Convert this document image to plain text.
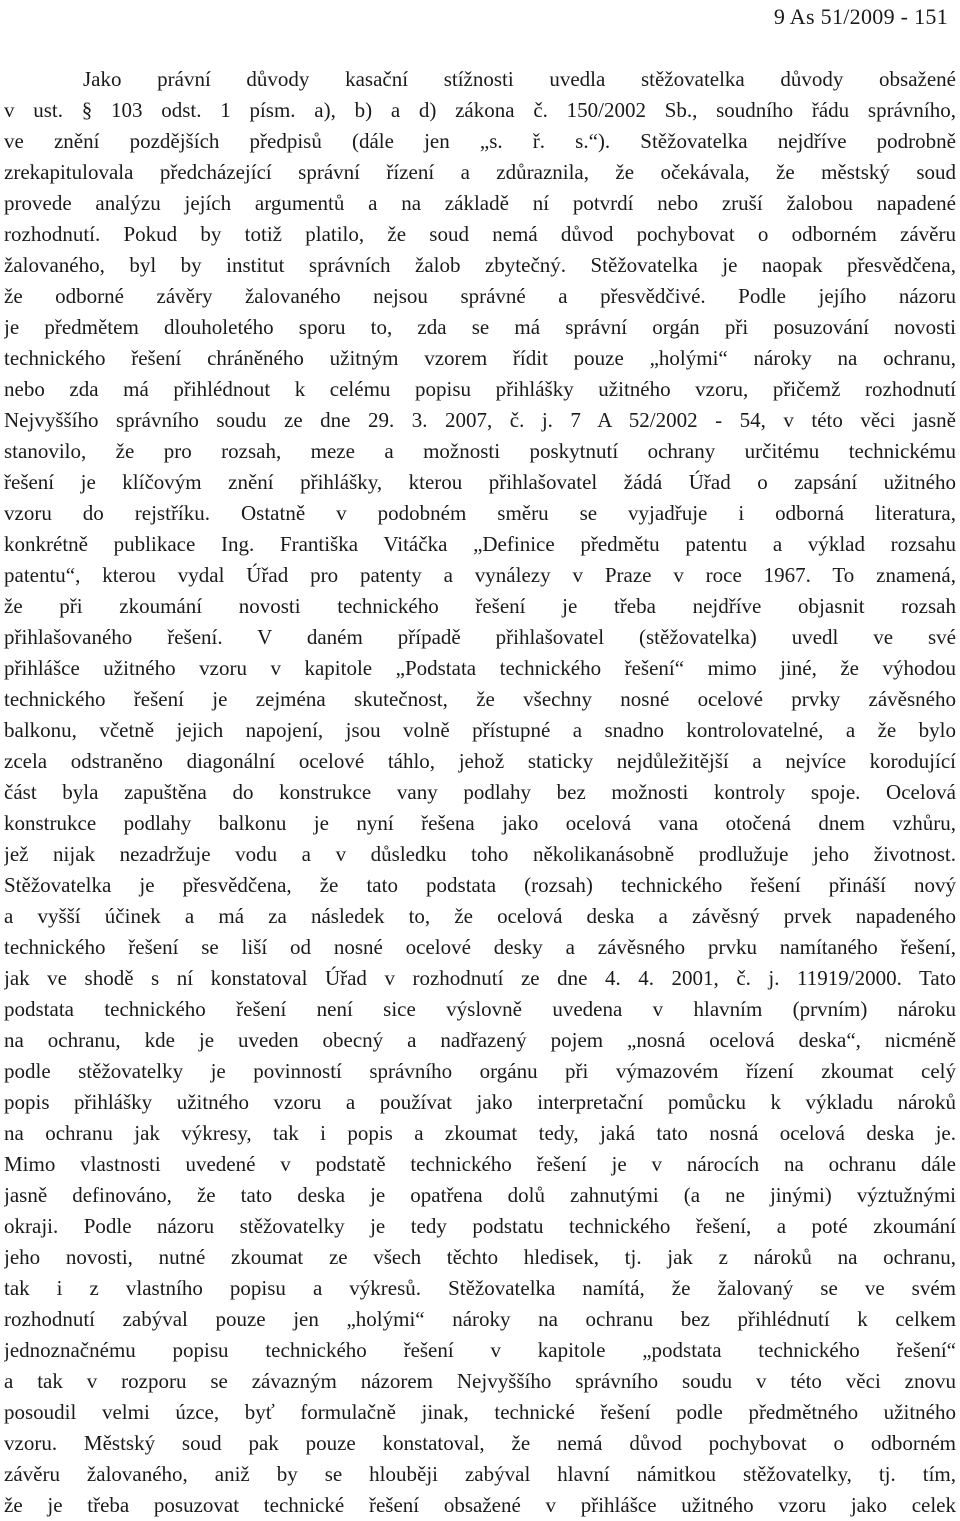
9 As 51/2009 - 151
Jako právní důvody kasační stížnosti uvedla stěžovatelka důvody obsažené
v ust. § 103 odst. 1 písm. a), b) a d) zákona č. 150/2002 Sb., soudního řádu správního,
ve znění pozdějších předpisů (dále jen „s. ř. s.“). Stěžovatelka nejdříve podrobně
zrekapitulovala předcházející správní řízení a zdůraznila, že očekávala, že městský soud
provede analýzu jejích argumentů a na základě ní potvrdí nebo zruší žalobou napadené
rozhodnutí. Pokud by totiž platilo, že soud nemá důvod pochybovat o odborném závěru
žalovaného, byl by institut správních žalob zbytečný. Stěžovatelka je naopak přesvědčena,
že odborné závěry žalovaného nejsou správné a přesvědčivé. Podle jejího názoru
je předmětem dlouholetého sporu to, zda se má správní orgán při posuzování novosti
technického řešení chráněného užitným vzorem řídit pouze „holými“ nároky na ochranu,
nebo zda má přihlédnout k celému popisu přihlášky užitného vzoru, přičemž rozhodnutí
Nejvyššího správního soudu ze dne 29. 3. 2007, č. j. 7 A 52/2002 - 54, v této věci jasně
stanovilo, že pro rozsah, meze a možnosti poskytnutí ochrany určitému technickému
řešení je klíčovým znění přihlášky, kterou přihlašovatel žádá Úřad o zapsání užitného
vzoru do rejstříku. Ostatně v podobném směru se vyjadřuje i odborná literatura,
konkrétně publikace Ing. Františka Vitáčka „Definice předmětu patentu a výklad rozsahu
patentu“, kterou vydal Úřad pro patenty a vynálezy v Praze v roce 1967. To znamená,
že při zkoumání novosti technického řešení je třeba nejdříve objasnit rozsah
přihlašovaného řešení. V daném případě přihlašovatel (stěžovatelka) uvedl ve své
přihlášce užitného vzoru v kapitole „Podstata technického řešení“ mimo jiné, že výhodou
technického řešení je zejména skutečnost, že všechny nosné ocelové prvky závěsného
balkonu, včetně jejich napojení, jsou volně přístupné a snadno kontrolovatelné, a že bylo
zcela odstraněno diagonální ocelové táhlo, jehož staticky nejdůležitější a nejvíce korodující
část byla zapuštěna do konstrukce vany podlahy bez možnosti kontroly spoje. Ocelová
konstrukce podlahy balkonu je nyní řešena jako ocelová vana otočená dnem vzhůru,
jež nijak nezadržuje vodu a v důsledku toho několikanásobně prodlužuje jeho životnost.
Stěžovatelka je přesvědčena, že tato podstata (rozsah) technického řešení přináší nový
a vyšší účinek a má za následek to, že ocelová deska a závěsný prvek napadeného
technického řešení se liší od nosné ocelové desky a závěsného prvku namítaného řešení,
jak ve shodě s ní konstatoval Úřad v rozhodnutí ze dne 4. 4. 2001, č. j. 11919/2000. Tato
podstata technického řešení není sice výslovně uvedena v hlavním (prvním) nároku
na ochranu, kde je uveden obecný a nadřazený pojem „nosná ocelová deska“, nicméně
podle stěžovatelky je povinností správního orgánu při výmazovém řízení zkoumat celý
popis přihlášky užitného vzoru a používat jako interpretační pomůcku k výkladu nároků
na ochranu jak výkresy, tak i popis a zkoumat tedy, jaká tato nosná ocelová deska je.
Mimo vlastnosti uvedené v podstatě technického řešení je v nárocích na ochranu dále
jasně definováno, že tato deska je opatřena dolů zahnutými (a ne jinými) výztužnými
okraji. Podle názoru stěžovatelky je tedy podstatu technického řešení, a poté zkoumání
jeho novosti, nutné zkoumat ze všech těchto hledisek, tj. jak z nároků na ochranu,
tak i z vlastního popisu a výkresů. Stěžovatelka namítá, že žalovaný se ve svém
rozhodnutí zabýval pouze jen „holými“ nároky na ochranu bez přihlédnutí k celkem
jednoznačnému popisu technického řešení v kapitole „podstata technického řešení“
a tak v rozporu se závazným názorem Nejvyššího správního soudu v této věci znovu
posoudil velmi úzce, byť formulačně jinak, technické řešení podle předmětného užitného
vzoru. Městský soud pak pouze konstatoval, že nemá důvod pochybovat o odborném
závěru žalovaného, aniž by se hlouběji zabýval hlavní námitkou stěžovatelky, tj. tím,
že je třeba posuzovat technické řešení obsažené v přihlášce užitného vzoru jako celek
